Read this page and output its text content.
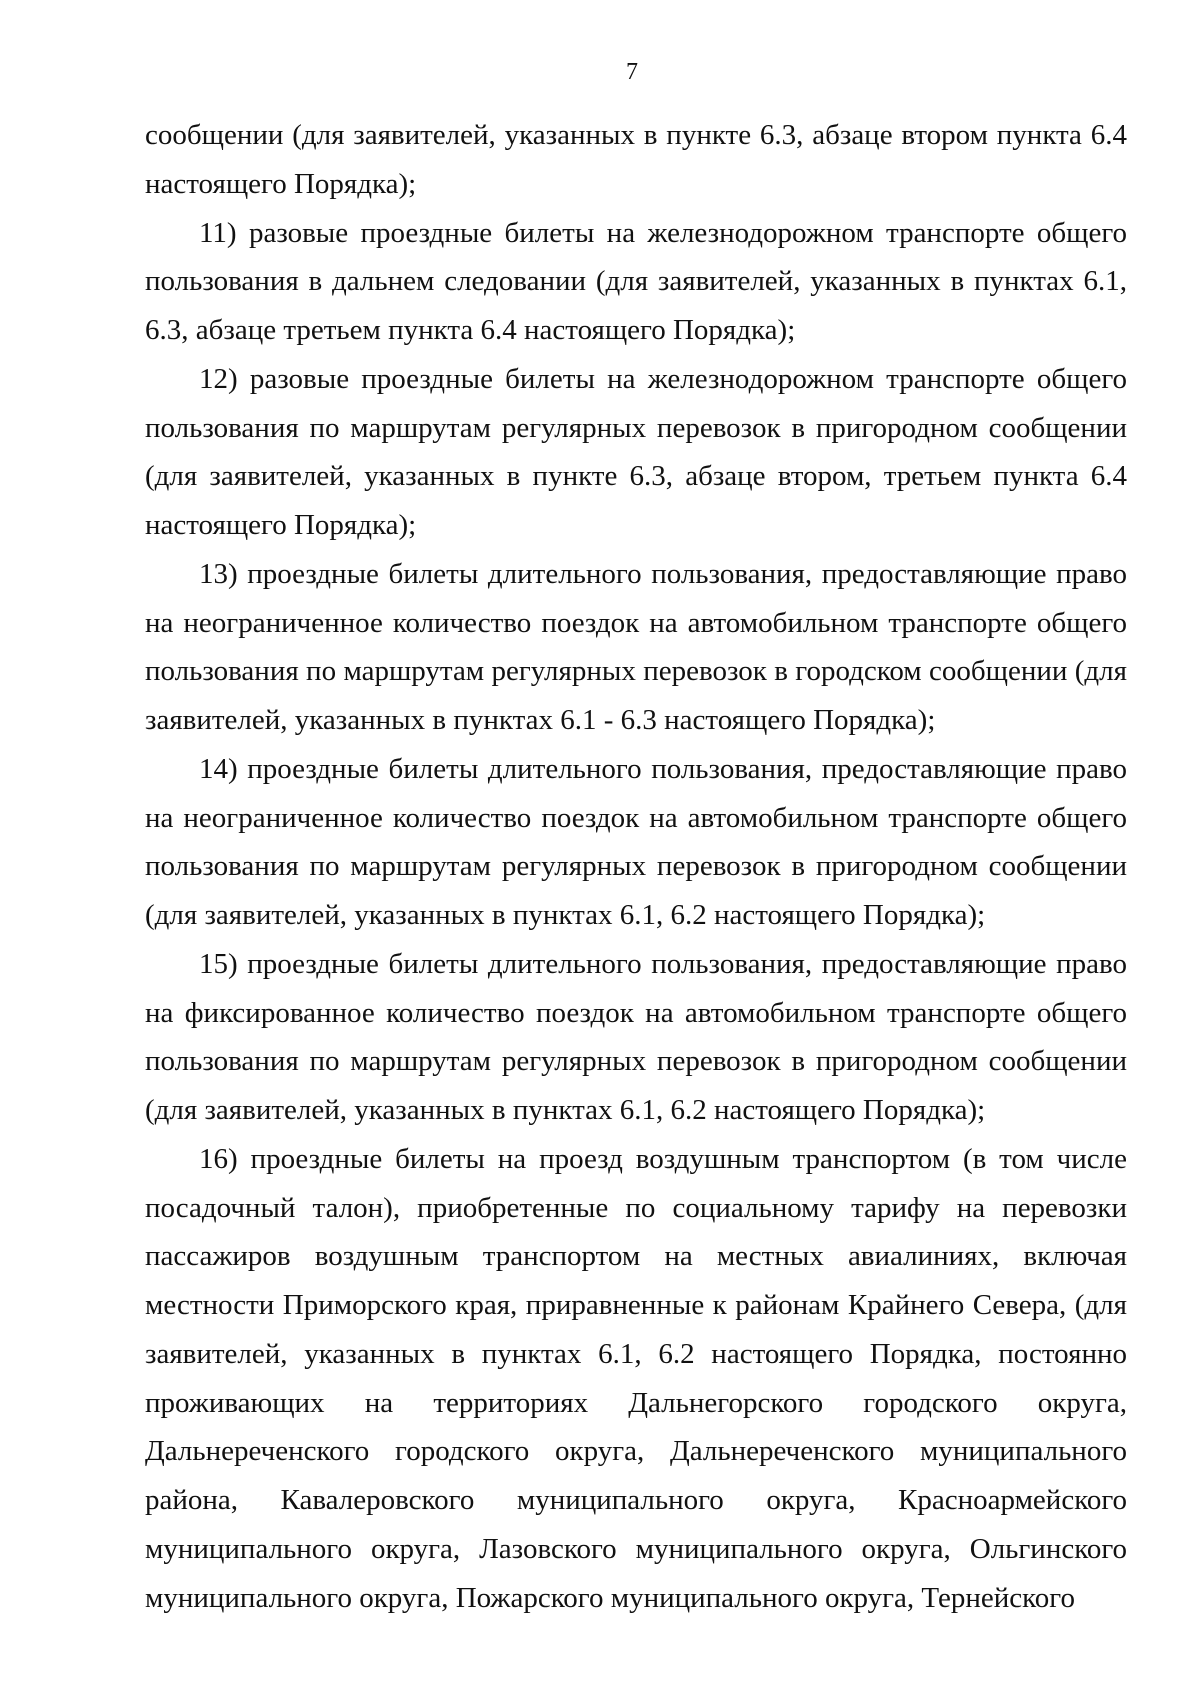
7

сообщении (для заявителей, указанных в пункте 6.3, абзаце втором пункта 6.4 настоящего Порядка);

11) разовые проездные билеты на железнодорожном транспорте общего пользования в дальнем следовании (для заявителей, указанных в пунктах 6.1, 6.3, абзаце третьем пункта 6.4 настоящего Порядка);

12) разовые проездные билеты на железнодорожном транспорте общего пользования по маршрутам регулярных перевозок в пригородном сообщении (для заявителей, указанных в пункте 6.3, абзаце втором, третьем пункта 6.4 настоящего Порядка);

13) проездные билеты длительного пользования, предоставляющие право на неограниченное количество поездок на автомобильном транспорте общего пользования по маршрутам регулярных перевозок в городском сообщении (для заявителей, указанных в пунктах 6.1 - 6.3 настоящего Порядка);

14) проездные билеты длительного пользования, предоставляющие право на неограниченное количество поездок на автомобильном транспорте общего пользования по маршрутам регулярных перевозок в пригородном сообщении (для заявителей, указанных в пунктах 6.1, 6.2 настоящего Порядка);

15) проездные билеты длительного пользования, предоставляющие право на фиксированное количество поездок на автомобильном транспорте общего пользования по маршрутам регулярных перевозок в пригородном сообщении (для заявителей, указанных в пунктах 6.1, 6.2 настоящего Порядка);

16) проездные билеты на проезд воздушным транспортом (в том числе посадочный талон), приобретенные по социальному тарифу на перевозки пассажиров воздушным транспортом на местных авиалиниях, включая местности Приморского края, приравненные к районам Крайнего Севера, (для заявителей, указанных в пунктах 6.1, 6.2 настоящего Порядка, постоянно проживающих на территориях Дальнегорского городского округа, Дальнереченского городского округа, Дальнереченского муниципального района, Кавалеровского муниципального округа, Красноармейского муниципального округа, Лазовского муниципального округа, Ольгинского муниципального округа, Пожарского муниципального округа, Тернейского
